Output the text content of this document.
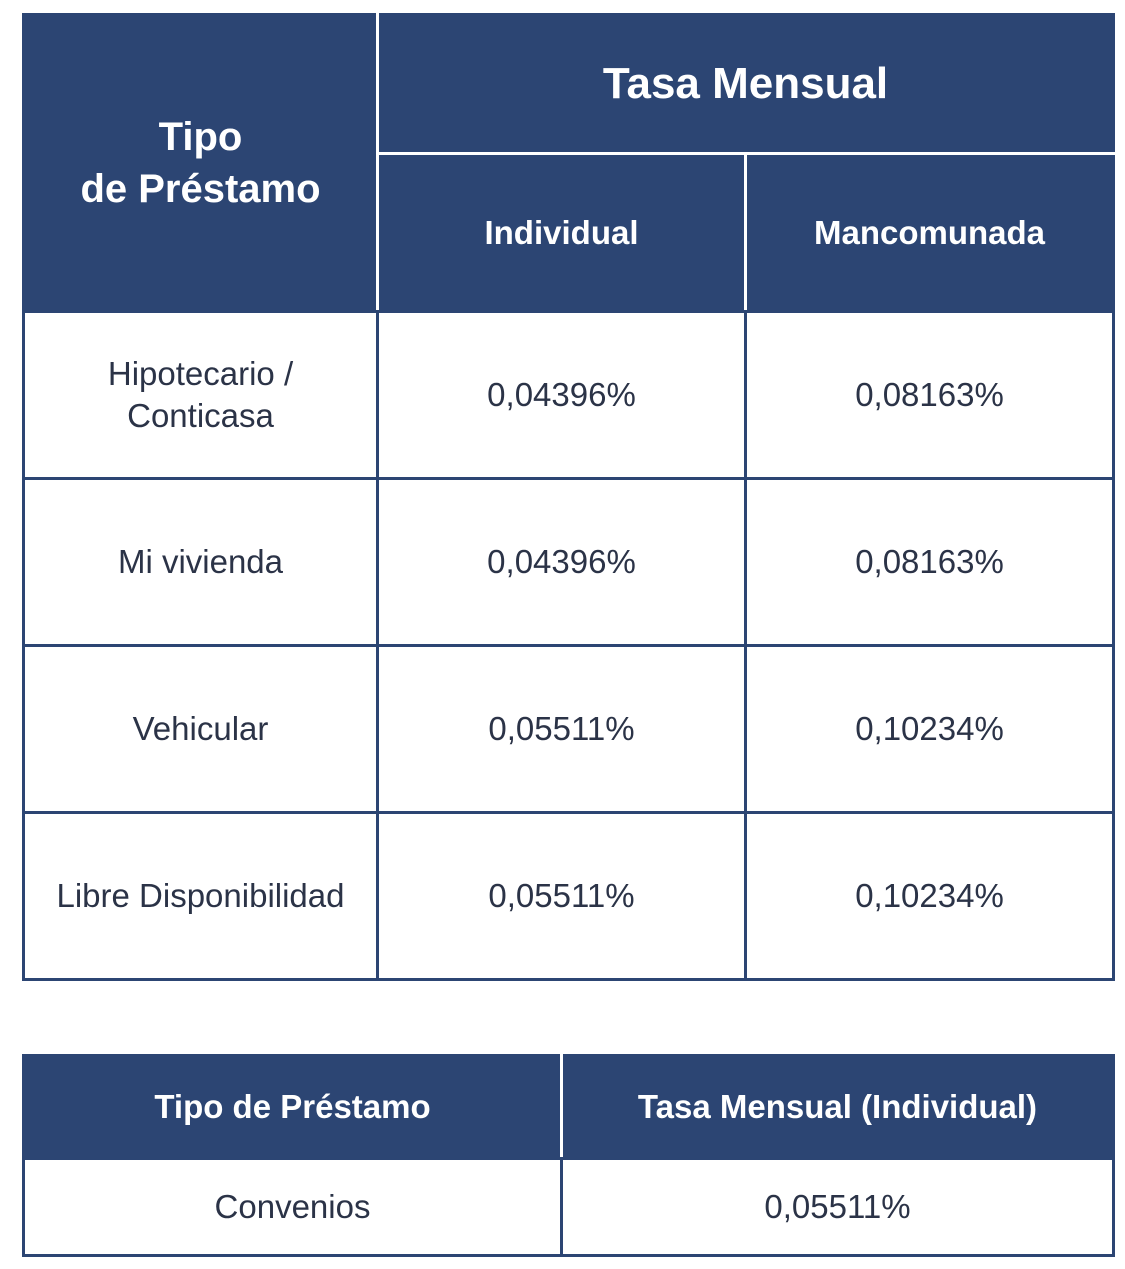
Tipo
de Préstamo	Tasa Mensual	
	Individual	Mancomunada
Hipotecario /
Conticasa	0,04396%	0,08163%
Mi vivienda	0,04396%	0,08163%
Vehicular	0,05511%	0,10234%
Libre Disponibilidad	0,05511%	0,10234%
Tipo de Préstamo	Tasa Mensual (Individual)
Convenios	0,05511%
